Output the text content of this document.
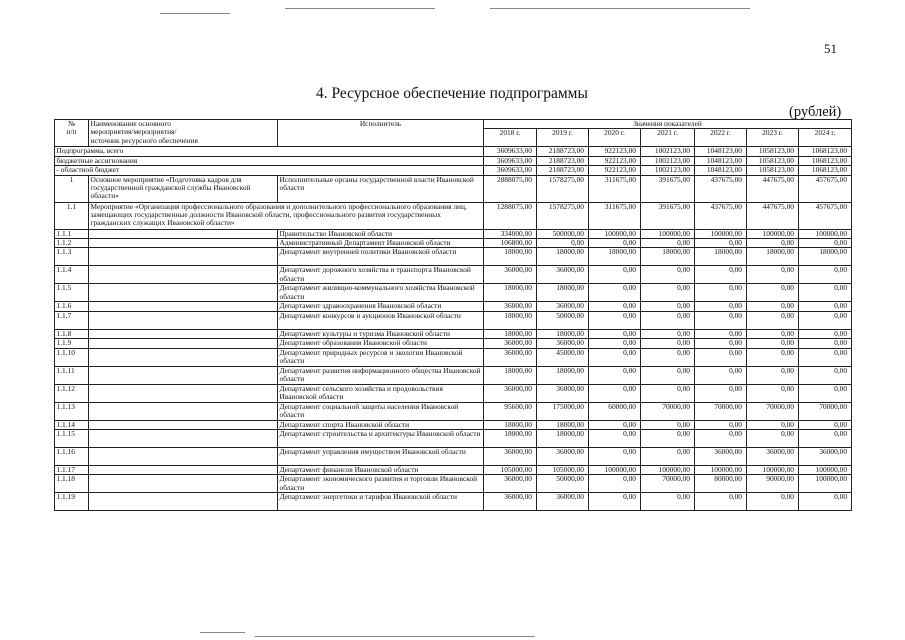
51
4. Ресурсное обеспечение подпрограммы
(рублей)
№
п/п	Наименование основного
мероприятия/мероприятия/
источник ресурсного обеспечения	Исполнитель	Значения показателей						
			2018 г.	2019 г.	2020 г.	2021 г.	2022 г.	2023 г.	2024 г.
Подпрограмма, всего			3609633,00	2188723,00	922123,00	1002123,00	1048123,00	1058123,00	1068123,00
бюджетные ассигнования			3609633,00	2188723,00	922123,00	1002123,00	1048123,00	1058123,00	1068123,00
- областной бюджет			3609633,00	2188723,00	922123,00	1002123,00	1048123,00	1058123,00	1068123,00
1	Основное мероприятие «Подготовка кадров для государственной гражданской службы Ивановской области»	Исполнительные органы государственной власти Ивановской области	2888075,00	1578275,00	311675,00	391675,00	437675,00	447675,00	457675,00
1.1	Мероприятие «Организация профессионального образования и дополнительного профессионального образования лиц, замещающих государственные должности Ивановской области, профессионального развития государственных гражданских служащих Ивановской области»		1288075,00	1578275,00	311675,00	391675,00	437675,00	447675,00	457675,00
1.1.1		Правительство Ивановской области	334000,00	500000,00	100000,00	100000,00	100000,00	100000,00	100000,00
1.1.2		Административный Департамент Ивановской области	106800,00	0,00	0,00	0,00	0,00	0,00	0,00
1.1.3		Департамент внутренней политики Ивановской области	18000,00	18000,00	18000,00	18000,00	18000,00	18000,00	18000,00
1.1.4		Департамент дорожного хозяйства и транспорта Ивановской области	36000,00	36000,00	0,00	0,00	0,00	0,00	0,00
1.1.5		Департамент жилищно-коммунального хозяйства Ивановской области	18000,00	18000,00	0,00	0,00	0,00	0,00	0,00
1.1.6		Департамент здравоохранения Ивановской области	36000,00	36000,00	0,00	0,00	0,00	0,00	0,00
1.1.7		Департамент конкурсов и аукционов Ивановской области	18000,00	50000,00	0,00	0,00	0,00	0,00	0,00
1.1.8		Департамент культуры и туризма Ивановской области	18000,00	18000,00	0,00	0,00	0,00	0,00	0,00
1.1.9		Департамент образования Ивановской области	36000,00	36000,00	0,00	0,00	0,00	0,00	0,00
1.1.10		Департамент природных ресурсов и экологии Ивановской области	36000,00	45000,00	0,00	0,00	0,00	0,00	0,00
1.1.11		Департамент развития информационного общества Ивановской области	18000,00	18000,00	0,00	0,00	0,00	0,00	0,00
1.1.12		Департамент сельского хозяйства и продовольствия Ивановской области	36000,00	36000,00	0,00	0,00	0,00	0,00	0,00
1.1.13		Департамент социальной защиты населения Ивановской области	95600,00	175000,00	60000,00	70000,00	70000,00	70000,00	70000,00
1.1.14		Департамент спорта Ивановской области	18000,00	18000,00	0,00	0,00	0,00	0,00	0,00
1.1.15		Департамент строительства и архитектуры Ивановской области	18000,00	18000,00	0,00	0,00	0,00	0,00	0,00
1.1.16		Департамент управления имуществом Ивановской области	36000,00	36000,00	0,00	0,00	36000,00	36000,00	36000,00
1.1.17		Департамент финансов Ивановской области	105000,00	105000,00	100000,00	100000,00	100000,00	100000,00	100000,00
1.1.18		Департамент экономического развития и торговли Ивановской области	36000,00	50000,00	0,00	70000,00	80000,00	90000,00	100000,00
1.1.19		Департамент энергетики и тарифов Ивановской области	36000,00	36000,00	0,00	0,00	0,00	0,00	0,00
